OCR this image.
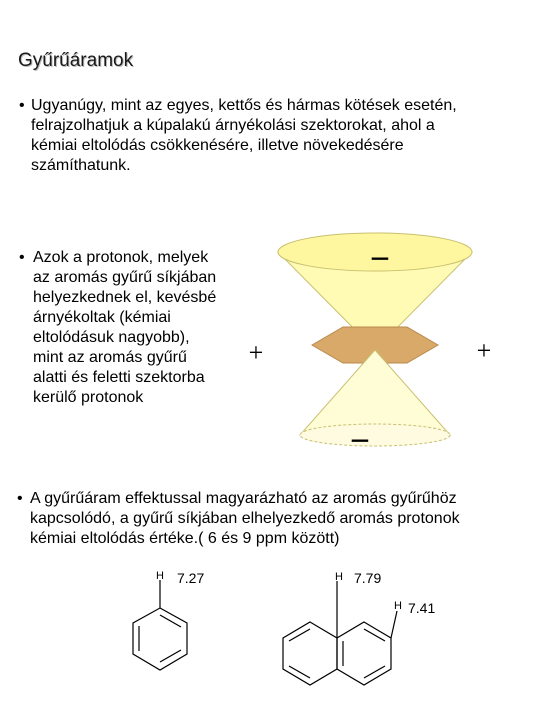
Gyűrűáramok
• Ugyanúgy, mint az egyes, kettős és hármas kötések esetén,
felrajzolhatjuk a kúpalakú árnyékolási szektorokat, ahol a
kémiai eltolódás csökkenésére, illetve növekedésére
számíthatunk.
• Azok a protonok, melyek
az aromás gyűrű síkjában
helyezkednek el, kevésbé
árnyékoltak (kémiai
eltolódásuk nagyobb),
mint az aromás gyűrű
alatti és feletti szektorba
kerülő protonok
−
−
+	+
• A gyűrűáram effektussal magyarázható az aromás gyűrűhöz
kapcsolódó, a gyűrű síkjában elhelyezkedő aromás protonok
kémiai eltolódás értéke.( 6 és 9 ppm között)
H 7.27	H 7.79
H 7.41
